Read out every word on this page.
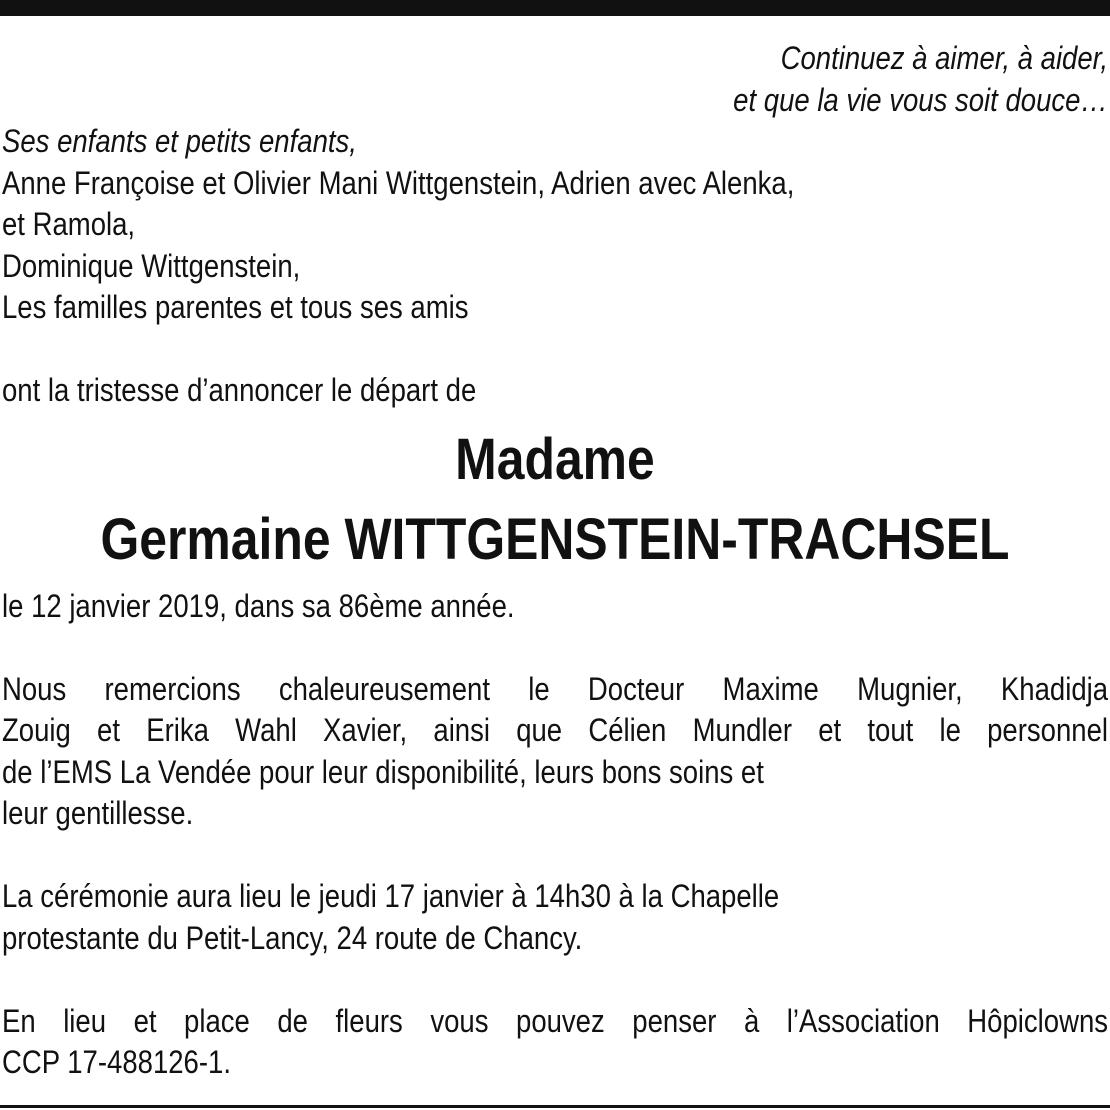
Continuez à aimer, à aider,
et que la vie vous soit douce…
Ses enfants et petits enfants,
Anne Françoise et Olivier Mani Wittgenstein, Adrien avec Alenka,
et Ramola,
Dominique Wittgenstein,
Les familles parentes et tous ses amis
ont la tristesse d’annoncer le départ de
Madame
Germaine WITTGENSTEIN-TRACHSEL
le 12 janvier 2019, dans sa 86ème année.
Nous remercions chaleureusement le Docteur Maxime Mugnier, Khadidja
Zouig et Erika Wahl Xavier, ainsi que Célien Mundler et tout le personnel
de l’EMS La Vendée pour leur disponibilité, leurs bons soins et
leur gentillesse.
La cérémonie aura lieu le jeudi 17 janvier à 14h30 à la Chapelle
protestante du Petit-Lancy, 24 route de Chancy.
En lieu et place de fleurs vous pouvez penser à l’Association Hôpiclowns
CCP 17-488126-1.
